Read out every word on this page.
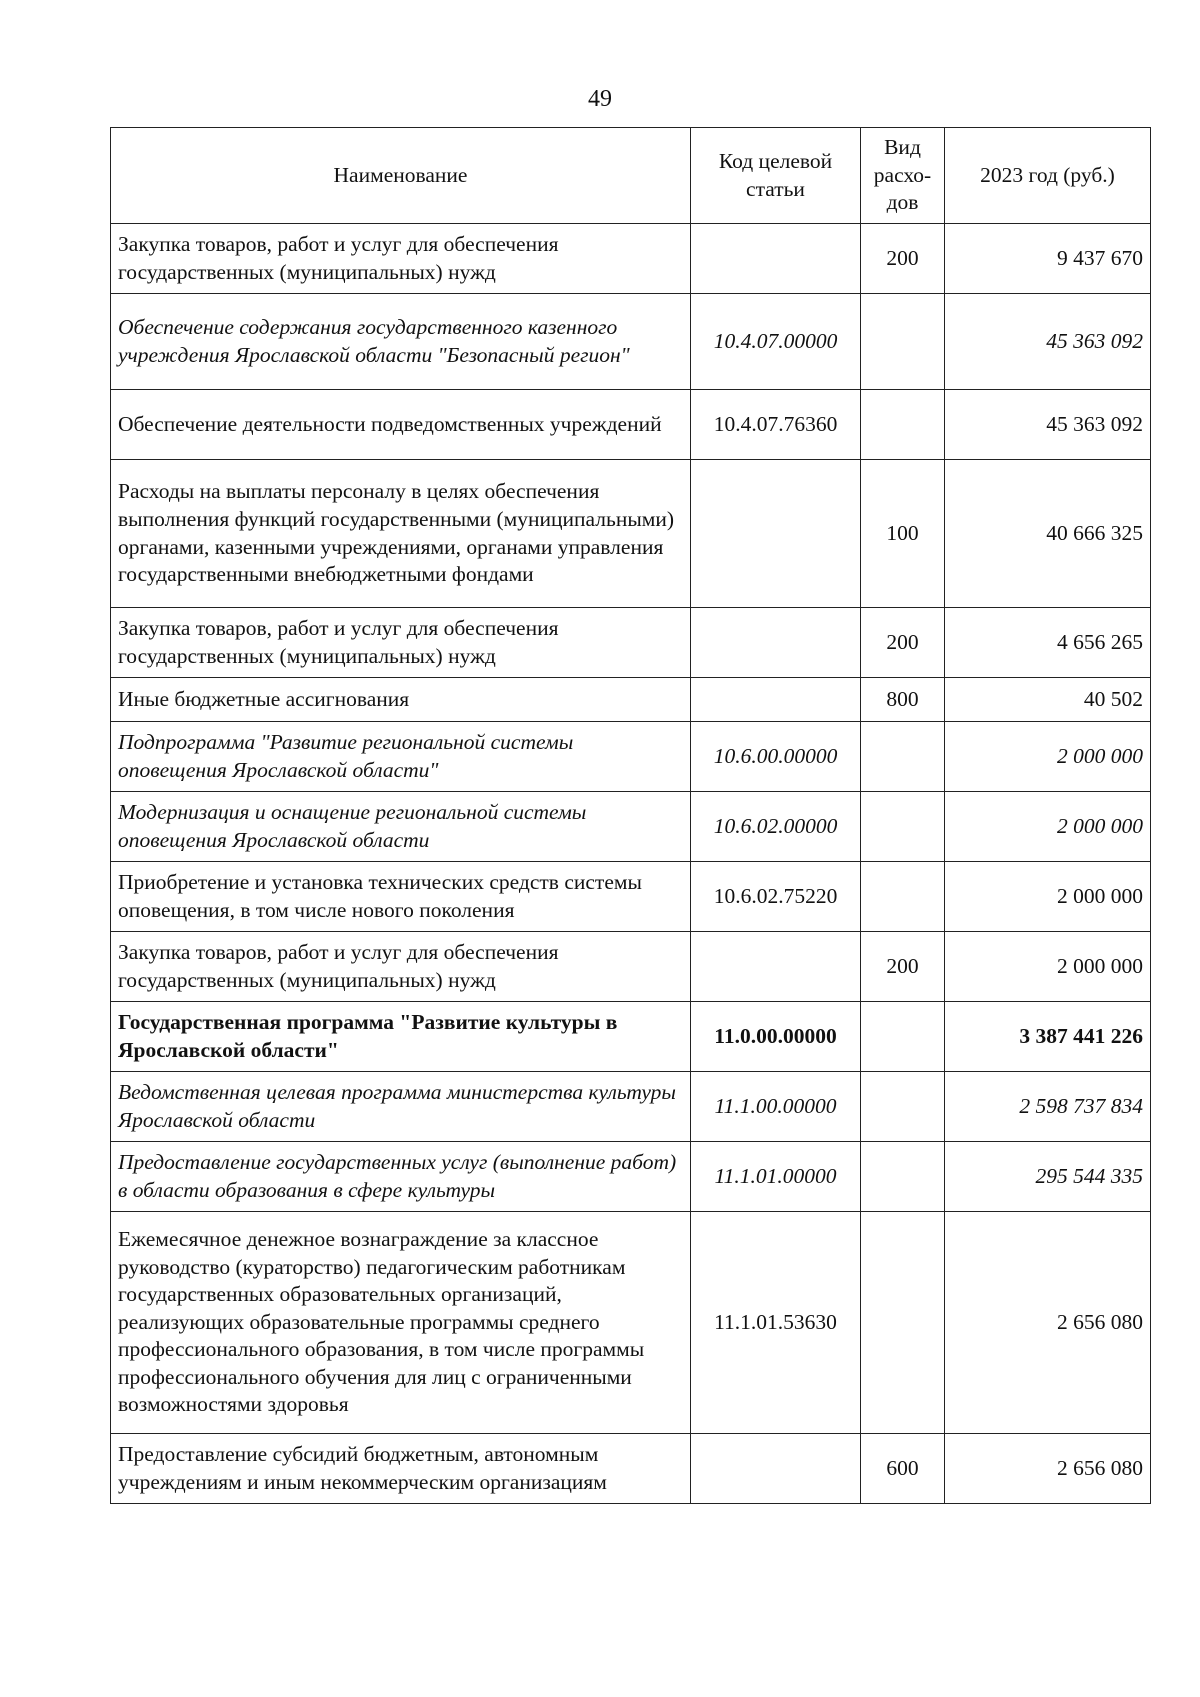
49
Наименование	Код целевой статьи	Вид расхо-дов	2023 год (руб.)
Закупка товаров, работ и услуг для обеспечения государственных (муниципальных) нужд		200	9 437 670
Обеспечение содержания государственного казенного учреждения Ярославской области "Безопасный регион"	10.4.07.00000		45 363 092
Обеспечение деятельности подведомственных учреждений	10.4.07.76360		45 363 092
Расходы на выплаты персоналу в целях обеспечения выполнения функций государственными (муниципальными) органами, казенными учреждениями, органами управления государственными внебюджетными фондами		100	40 666 325
Закупка товаров, работ и услуг для обеспечения государственных (муниципальных) нужд		200	4 656 265
Иные бюджетные ассигнования		800	40 502
Подпрограмма "Развитие региональной системы оповещения Ярославской области"	10.6.00.00000		2 000 000
Модернизация и оснащение региональной системы оповещения Ярославской области	10.6.02.00000		2 000 000
Приобретение и установка технических средств системы оповещения, в том числе нового поколения	10.6.02.75220		2 000 000
Закупка товаров, работ и услуг для обеспечения государственных (муниципальных) нужд		200	2 000 000
Государственная программа "Развитие культуры в Ярославской области"	11.0.00.00000		3 387 441 226
Ведомственная целевая программа министерства культуры Ярославской области	11.1.00.00000		2 598 737 834
Предоставление государственных услуг (выполнение работ) в области образования в сфере культуры	11.1.01.00000		295 544 335
Ежемесячное денежное вознаграждение за классное руководство (кураторство) педагогическим работникам государственных образовательных организаций, реализующих образовательные программы среднего профессионального образования, в том числе программы профессионального обучения для лиц с ограниченными возможностями здоровья	11.1.01.53630		2 656 080
Предоставление субсидий бюджетным, автономным учреждениям и иным некоммерческим организациям		600	2 656 080
